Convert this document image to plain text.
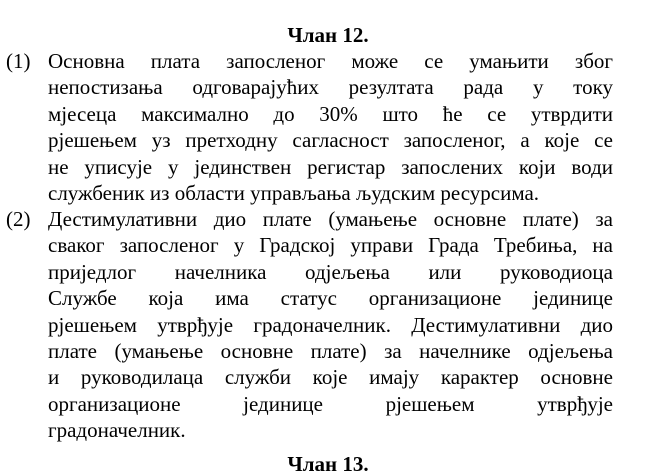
Члан 12.
(1) Основна плата запосленог може се умањити због
непостизања одговарајућих резултата рада у току
мјесеца максимално до 30% што ће се утврдити
рјешењем уз претходну сагласност запосленог, а које се
не уписује у јединствен регистар запослених који води
службеник из области управљања људским ресурсима.
(2) Дестимулативни дио плате (умањење основне плате) за
сваког запосленог у Градској управи Града Требиња, на
приједлог начелника одјељења или руководиоца
Службе која има статус организационе јединице
рјешењем утврђује градоначелник. Дестимулативни дио
плате (умањење основне плате) за начелнике одјељења
и руководилаца служби које имају карактер основне
организационе јединице рјешењем утврђује
градоначелник.
Члан 13.
